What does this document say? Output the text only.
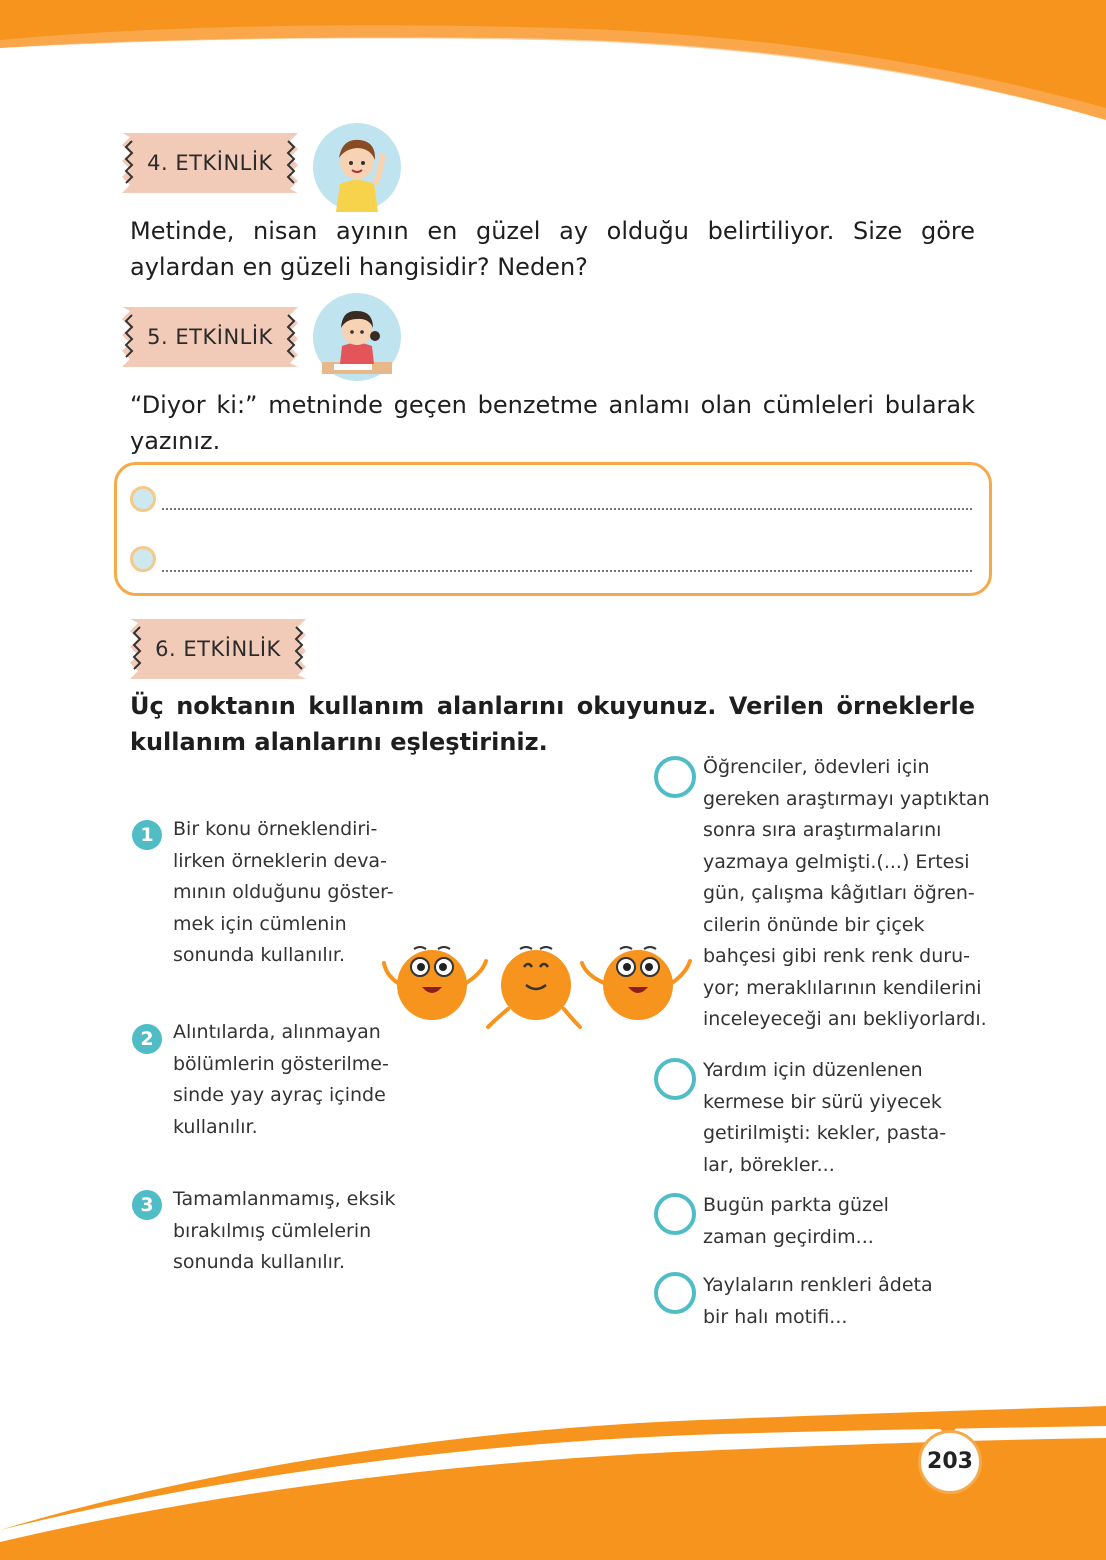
4. ETKİNLİK
Metinde, nisan ayının en güzel ay olduğu belirtiliyor. Size göre aylardan en güzeli hangisidir? Neden?
5. ETKİNLİK
“Diyor ki:” metninde geçen benzetme anlamı olan cümleleri bularak yazınız.
6. ETKİNLİK
Üç noktanın kullanım alanlarını okuyunuz. Verilen örneklerle kullanım alanlarını eşleştiriniz.
1	Bir konu örneklendiri-
lirken örneklerin deva-
mının olduğunu göster-
mek için cümlenin
sonunda kullanılır.
2	Alıntılarda, alınmayan
bölümlerin gösterilme-
sinde yay ayraç içinde
kullanılır.
3	Tamamlanmamış, eksik
bırakılmış cümlelerin
sonunda kullanılır.
Öğrenciler, ödevleri için
gereken araştırmayı yaptıktan
sonra sıra araştırmalarını
yazmaya gelmişti.(...) Ertesi
gün, çalışma kâğıtları öğren-
cilerin önünde bir çiçek
bahçesi gibi renk renk duru-
yor; meraklılarının kendilerini
inceleyeceği anı bekliyorlardı.
Yardım için düzenlenen
kermese bir sürü yiyecek
getirilmişti: kekler, pasta-
lar, börekler...
Bugün parkta güzel
zaman geçirdim...
Yaylaların renkleri âdeta
bir halı motifi...
203
